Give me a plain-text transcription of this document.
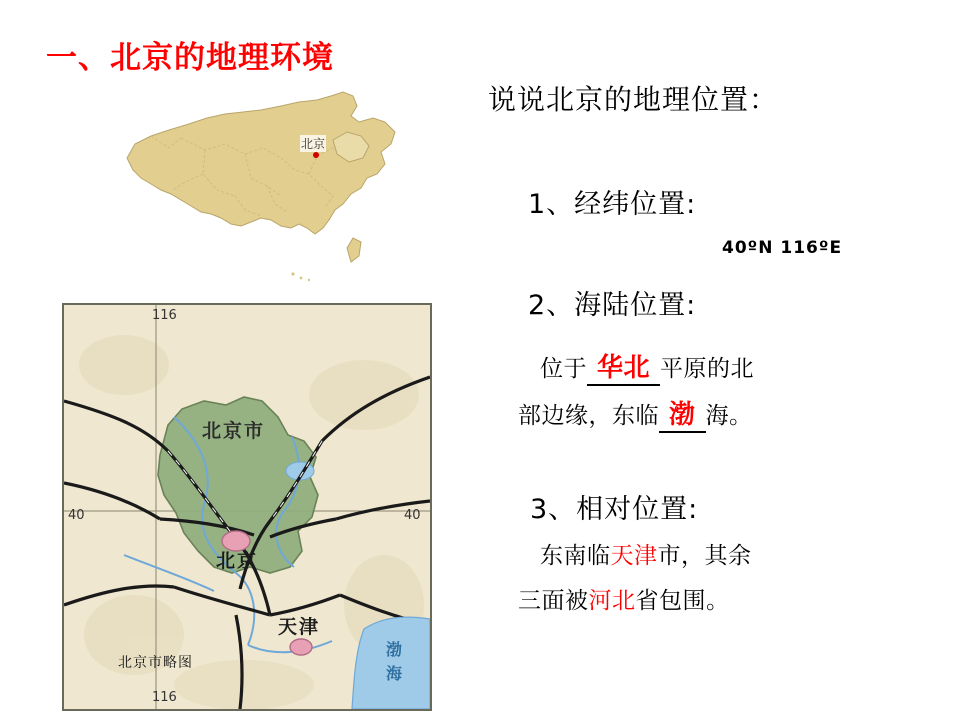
一、北京的地理环境
北京
北京市
北京
天津
渤
海
116
116
40	40
北京市略图
说说北京的地理位置：
1、经纬位置:
40ºN 116ºE
2、海陆位置:
位于 华北 平原的北
部边缘，东临 渤 海。
3、相对位置:
东南临天津市，其余
三面被河北省包围。
